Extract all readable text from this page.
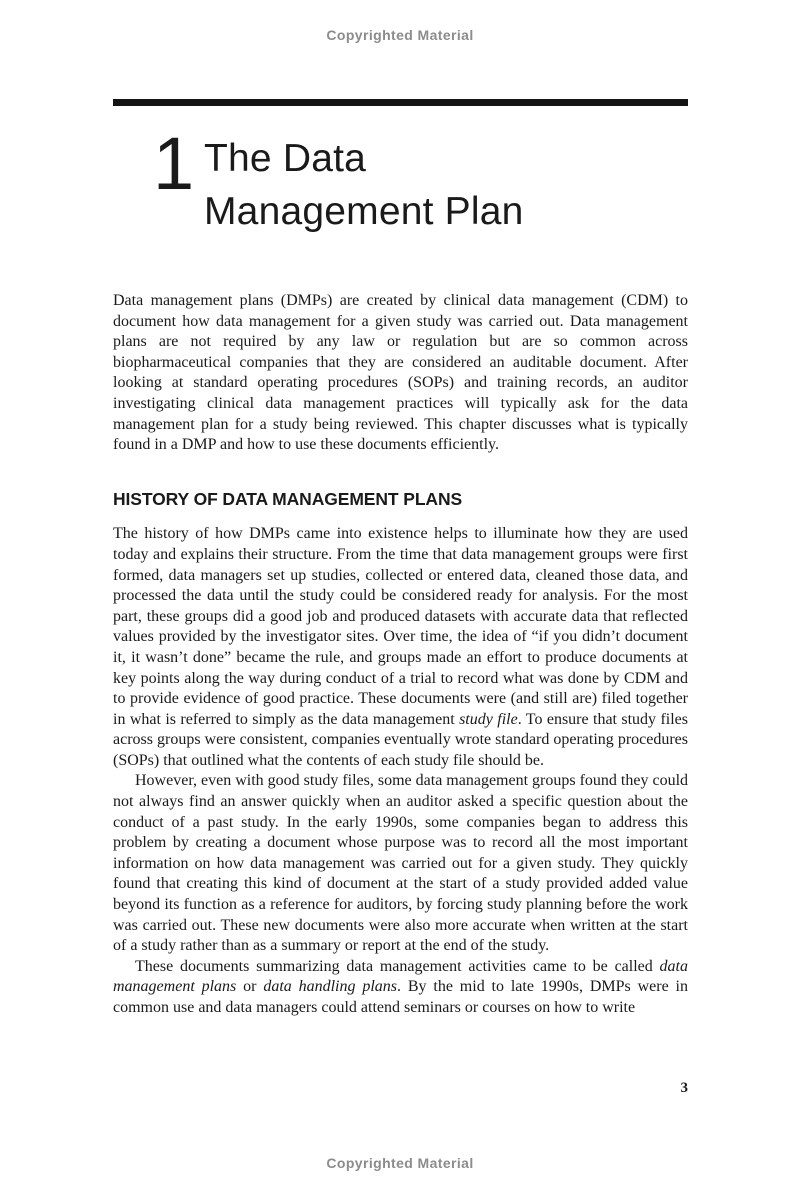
Copyrighted Material
1 The Data
Management Plan

Data management plans (DMPs) are created by clinical data management (CDM) to document how data management for a given study was carried out. Data management plans are not required by any law or regulation but are so common across biopharmaceutical companies that they are considered an auditable document. After looking at standard operating procedures (SOPs) and training records, an auditor investigating clinical data management practices will typically ask for the data management plan for a study being reviewed. This chapter discusses what is typically found in a DMP and how to use these documents efficiently.

HISTORY OF DATA MANAGEMENT PLANS

The history of how DMPs came into existence helps to illuminate how they are used today and explains their structure. From the time that data management groups were first formed, data managers set up studies, collected or entered data, cleaned those data, and processed the data until the study could be considered ready for analysis. For the most part, these groups did a good job and produced datasets with accurate data that reflected values provided by the investigator sites. Over time, the idea of “if you didn’t document it, it wasn’t done” became the rule, and groups made an effort to produce documents at key points along the way during conduct of a trial to record what was done by CDM and to provide evidence of good practice. These documents were (and still are) filed together in what is referred to simply as the data management study file. To ensure that study files across groups were consistent, companies eventually wrote standard operating procedures (SOPs) that outlined what the contents of each study file should be.

However, even with good study files, some data management groups found they could not always find an answer quickly when an auditor asked a specific question about the conduct of a past study. In the early 1990s, some companies began to address this problem by creating a document whose purpose was to record all the most important information on how data management was carried out for a given study. They quickly found that creating this kind of document at the start of a study provided added value beyond its function as a reference for auditors, by forcing study planning before the work was carried out. These new documents were also more accurate when written at the start of a study rather than as a summary or report at the end of the study.

These documents summarizing data management activities came to be called data management plans or data handling plans. By the mid to late 1990s, DMPs were in common use and data managers could attend seminars or courses on how to write

3
Copyrighted Material
